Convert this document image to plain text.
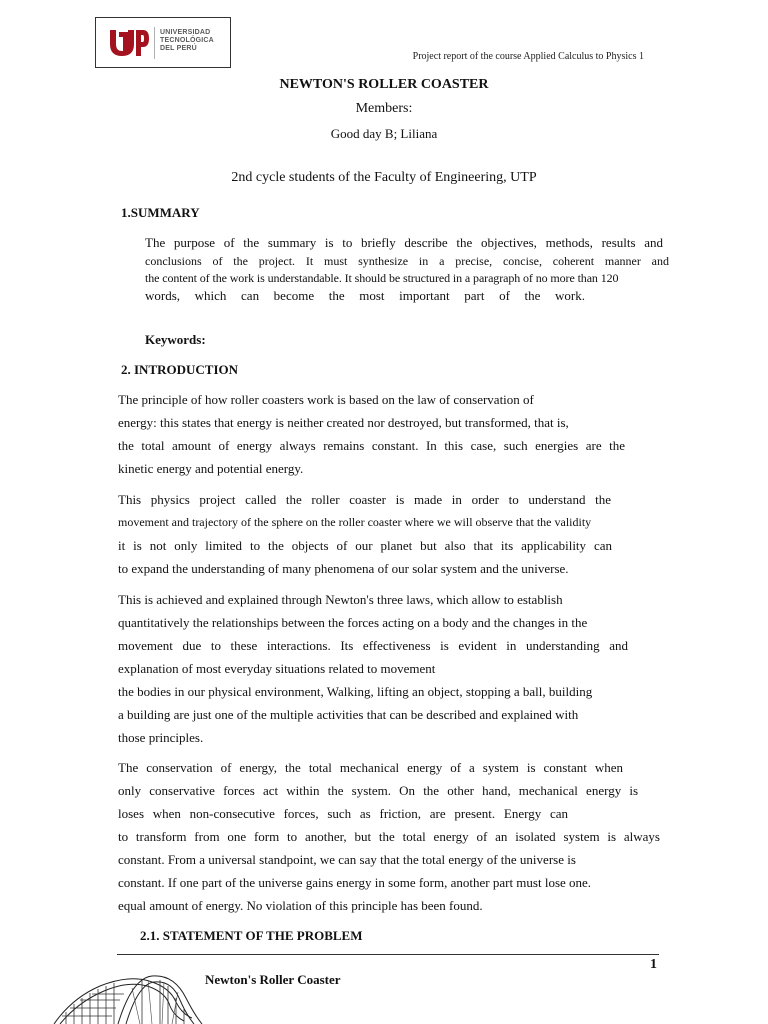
UNIVERSIDAD
TECNOLÓGICA
DEL PERÚ
Project report of the course Applied Calculus to Physics 1
NEWTON'S ROLLER COASTER
Members:
Good day B; Liliana
2nd cycle students of the Faculty of Engineering, UTP
1.SUMMARY
The purpose of the summary is to briefly describe the objectives, methods, results and
conclusions of the project. It must synthesize in a precise, concise, coherent manner and
the content of the work is understandable. It should be structured in a paragraph of no more than 120
words, which can become the most important part of the work.
Keywords:
2. INTRODUCTION
The principle of how roller coasters work is based on the law of conservation of
energy: this states that energy is neither created nor destroyed, but transformed, that is,
the total amount of energy always remains constant. In this case, such energies are the
kinetic energy and potential energy.
This physics project called the roller coaster is made in order to understand the
movement and trajectory of the sphere on the roller coaster where we will observe that the validity
it is not only limited to the objects of our planet but also that its applicability can
to expand the understanding of many phenomena of our solar system and the universe.
This is achieved and explained through Newton's three laws, which allow to establish
quantitatively the relationships between the forces acting on a body and the changes in the
movement due to these interactions. Its effectiveness is evident in understanding and
explanation of most everyday situations related to movement
the bodies in our physical environment, Walking, lifting an object, stopping a ball, building
a building are just one of the multiple activities that can be described and explained with
those principles.
The conservation of energy, the total mechanical energy of a system is constant when
only conservative forces act within the system. On the other hand, mechanical energy is
loses when non-consecutive forces, such as friction, are present. Energy can
to transform from one form to another, but the total energy of an isolated system is always
constant. From a universal standpoint, we can say that the total energy of the universe is
constant. If one part of the universe gains energy in some form, another part must lose one.
equal amount of energy. No violation of this principle has been found.
2.1. STATEMENT OF THE PROBLEM
1
Newton's Roller Coaster
